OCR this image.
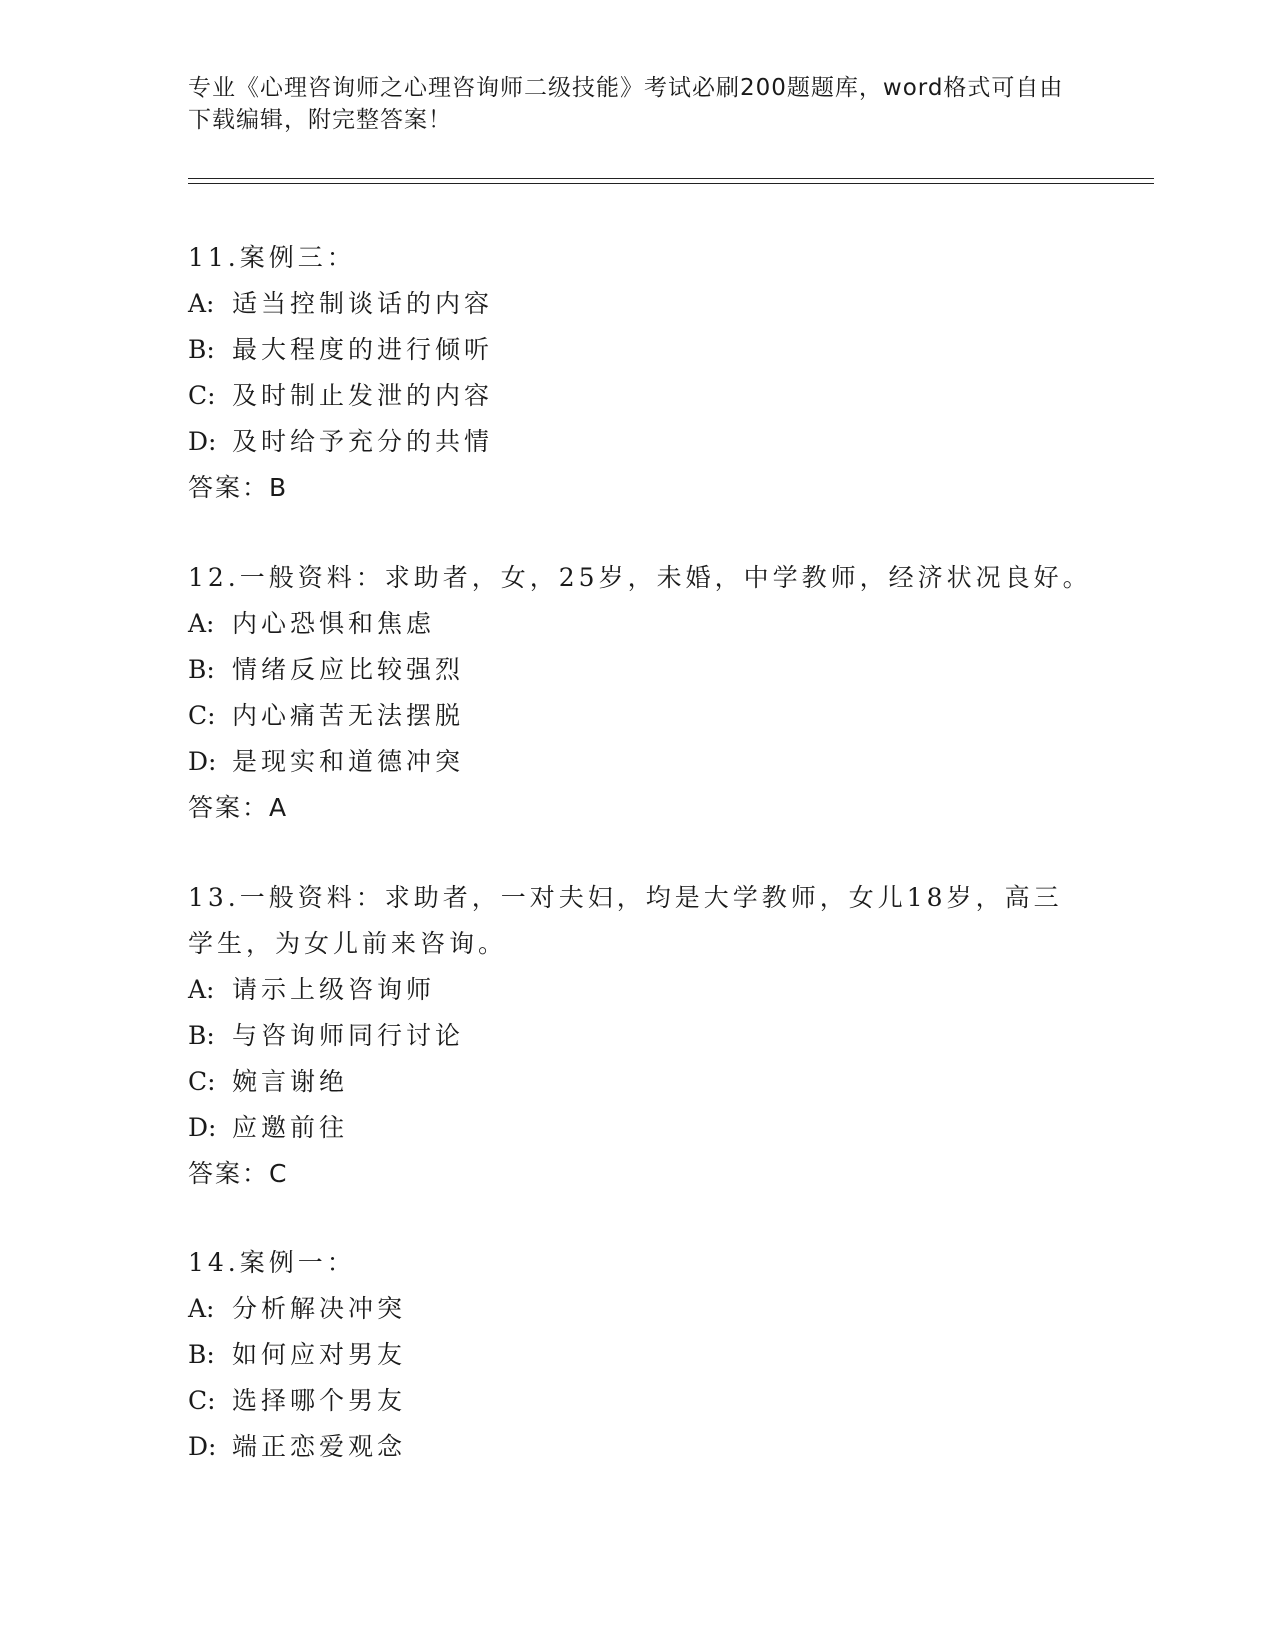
专业《心理咨询师之心理咨询师二级技能》考试必刷200题题库，word格式可自由下载编辑，附完整答案！
11.案例三：
A: 适当控制谈话的内容
B: 最大程度的进行倾听
C: 及时制止发泄的内容
D: 及时给予充分的共情
答案：B
12.一般资料：求助者，女，25岁，未婚，中学教师，经济状况良好。
A: 内心恐惧和焦虑
B: 情绪反应比较强烈
C: 内心痛苦无法摆脱
D: 是现实和道德冲突
答案：A
13.一般资料：求助者，一对夫妇，均是大学教师，女儿18岁，高三学生，为女儿前来咨询。
A: 请示上级咨询师
B: 与咨询师同行讨论
C: 婉言谢绝
D: 应邀前往
答案：C
14.案例一：
A: 分析解决冲突
B: 如何应对男友
C: 选择哪个男友
D: 端正恋爱观念
